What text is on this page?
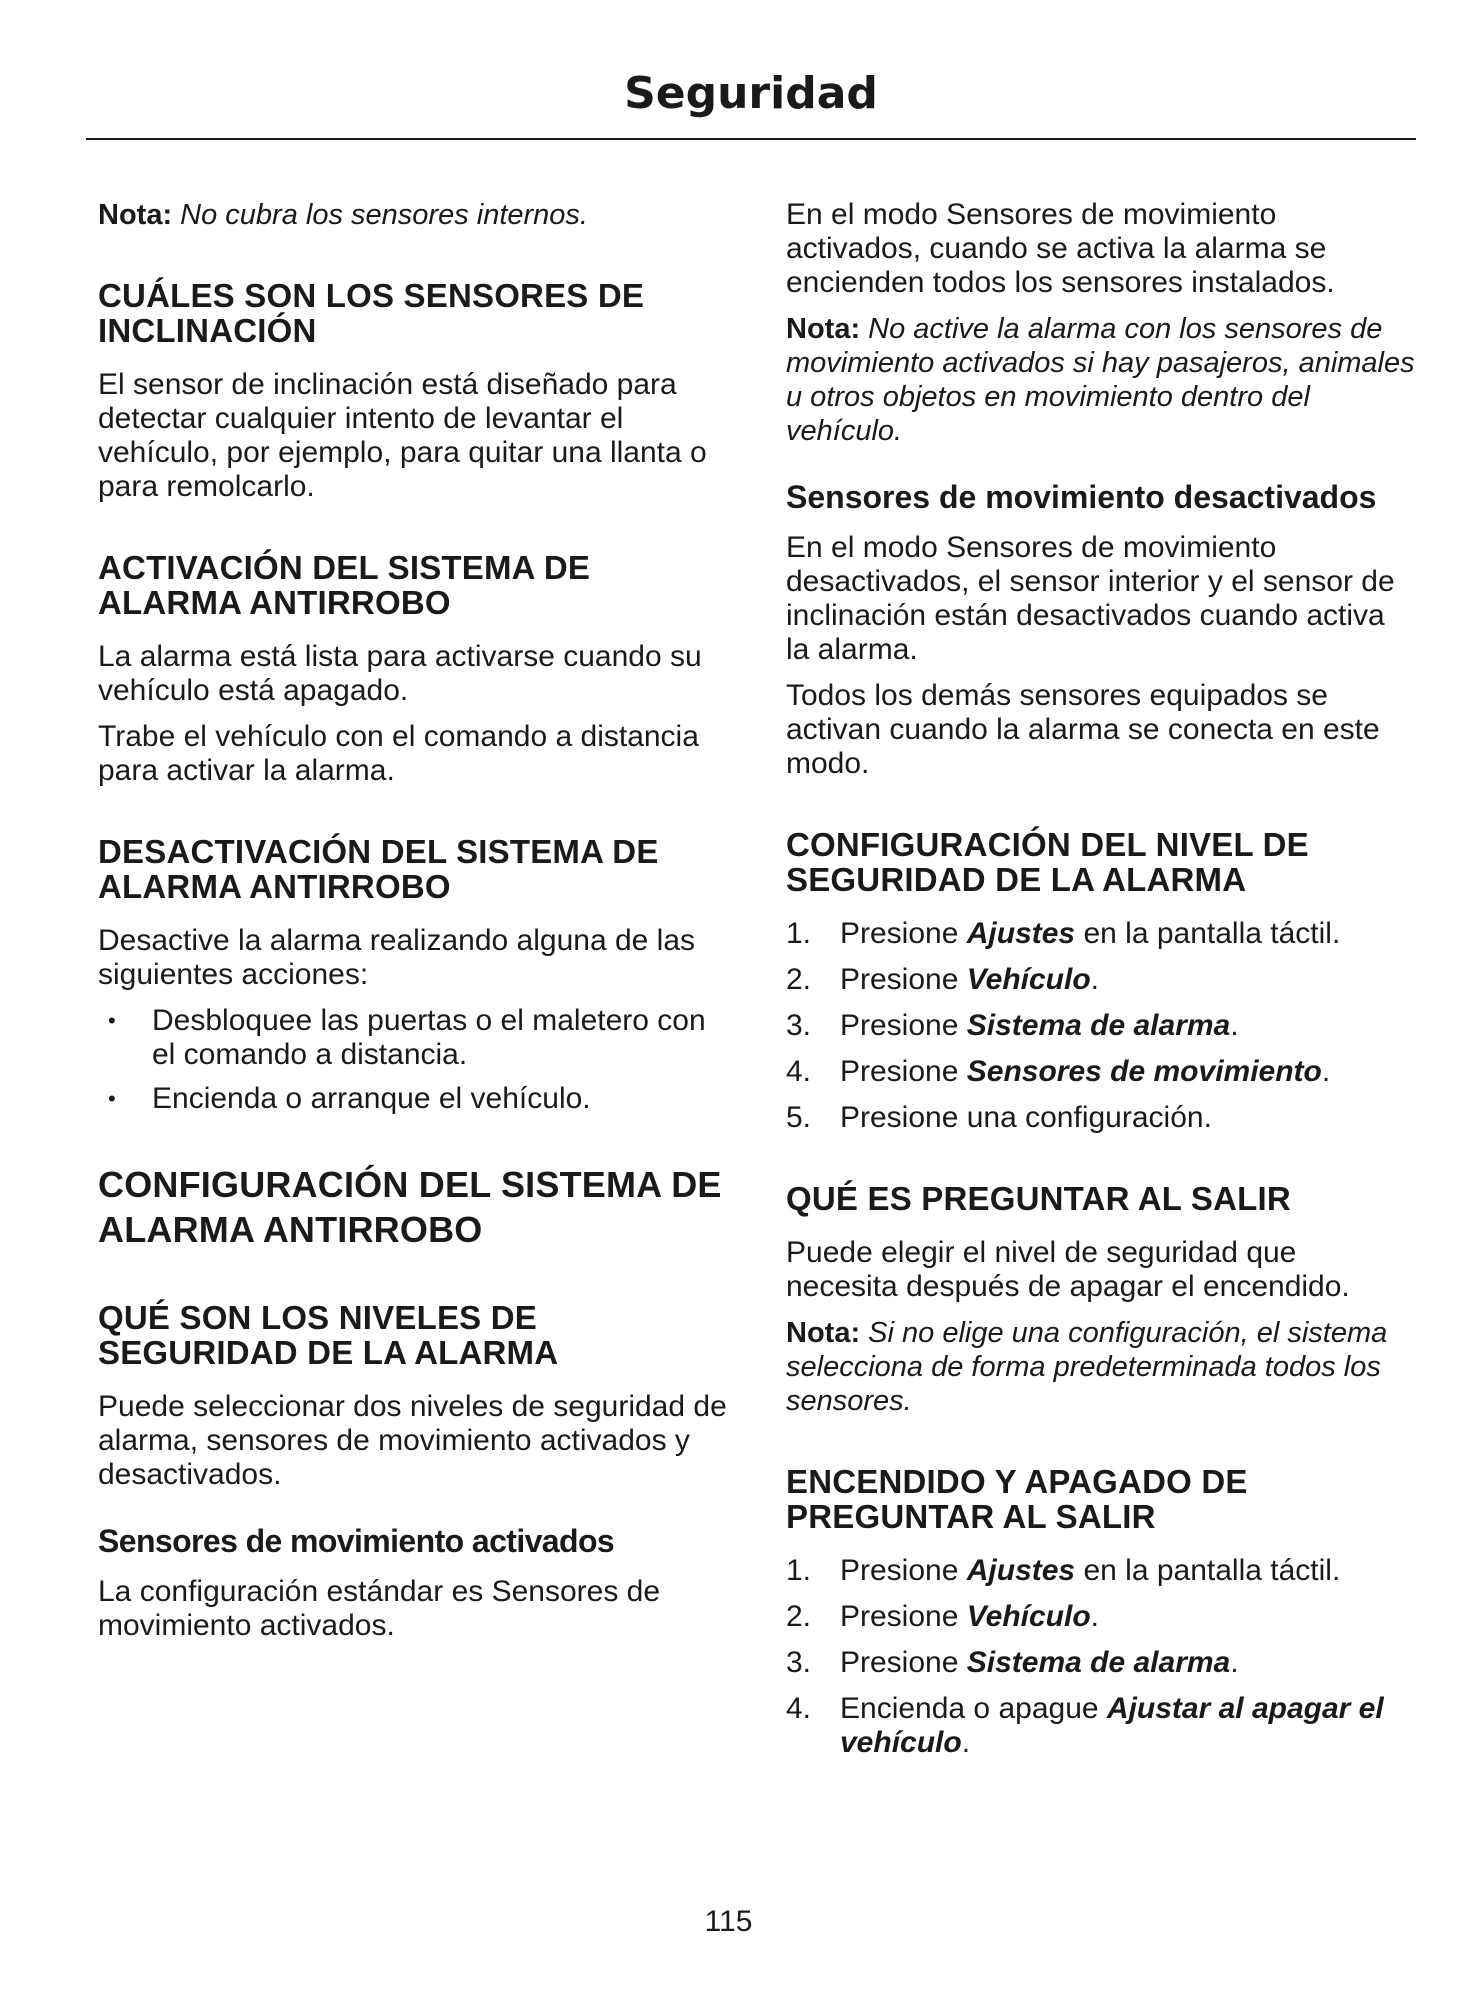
Seguridad

Nota: No cubra los sensores internos.

CUÁLES SON LOS SENSORES DE INCLINACIÓN

El sensor de inclinación está diseñado para detectar cualquier intento de levantar el vehículo, por ejemplo, para quitar una llanta o para remolcarlo.

ACTIVACIÓN DEL SISTEMA DE ALARMA ANTIRROBO

La alarma está lista para activarse cuando su vehículo está apagado.

Trabe el vehículo con el comando a distancia para activar la alarma.

DESACTIVACIÓN DEL SISTEMA DE ALARMA ANTIRROBO

Desactive la alarma realizando alguna de las siguientes acciones:

• Desbloquee las puertas o el maletero con el comando a distancia.
• Encienda o arranque el vehículo.
CONFIGURACIÓN DEL SISTEMA DE ALARMA ANTIRROBO
QUÉ SON LOS NIVELES DE SEGURIDAD DE LA ALARMA

Puede seleccionar dos niveles de seguridad de alarma, sensores de movimiento activados y desactivados.

Sensores de movimiento activados

La configuración estándar es Sensores de movimiento activados.

En el modo Sensores de movimiento activados, cuando se activa la alarma se encienden todos los sensores instalados.

Nota: No active la alarma con los sensores de movimiento activados si hay pasajeros, animales u otros objetos en movimiento dentro del vehículo.

Sensores de movimiento desactivados

En el modo Sensores de movimiento desactivados, el sensor interior y el sensor de inclinación están desactivados cuando activa la alarma.

Todos los demás sensores equipados se activan cuando la alarma se conecta en este modo.

CONFIGURACIÓN DEL NIVEL DE SEGURIDAD DE LA ALARMA
1. Presione Ajustes en la pantalla táctil.
2. Presione Vehículo.
3. Presione Sistema de alarma.
4. Presione Sensores de movimiento.
5. Presione una configuración.
QUÉ ES PREGUNTAR AL SALIR

Puede elegir el nivel de seguridad que necesita después de apagar el encendido.

Nota: Si no elige una configuración, el sistema selecciona de forma predeterminada todos los sensores.

ENCENDIDO Y APAGADO DE PREGUNTAR AL SALIR
1. Presione Ajustes en la pantalla táctil.
2. Presione Vehículo.
3. Presione Sistema de alarma.
4. Encienda o apague Ajustar al apagar el vehículo.
115
